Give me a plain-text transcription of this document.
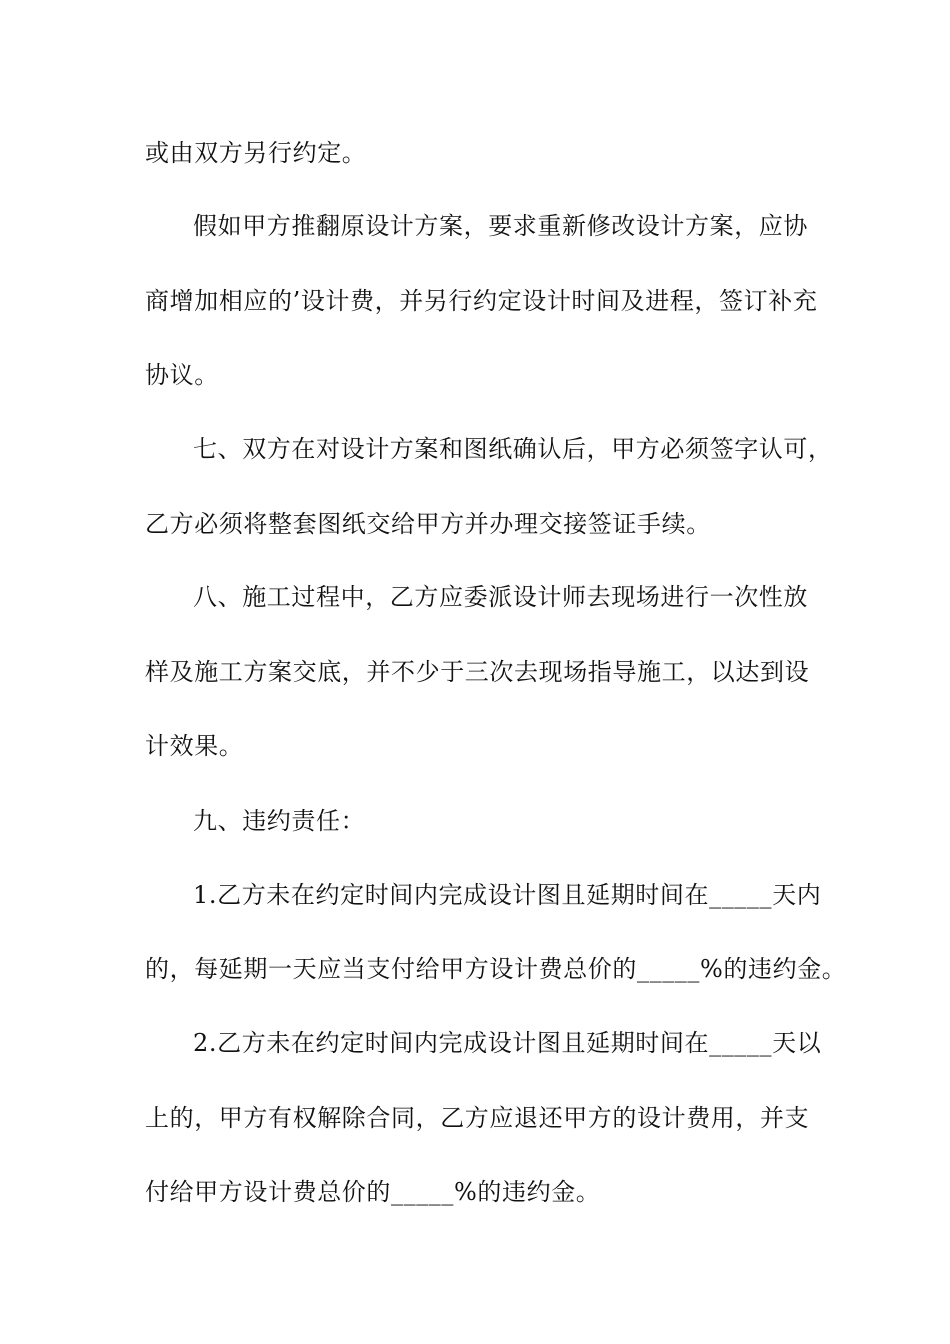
或由双方另行约定。
假如甲方推翻原设计方案，要求重新修改设计方案，应协
商增加相应的’设计费，并另行约定设计时间及进程，签订补充
协议。
七、双方在对设计方案和图纸确认后，甲方必须签字认可，
乙方必须将整套图纸交给甲方并办理交接签证手续。
八、施工过程中，乙方应委派设计师去现场进行一次性放
样及施工方案交底，并不少于三次去现场指导施工，以达到设
计效果。
九、违约责任：
1.乙方未在约定时间内完成设计图且延期时间在_____天内
的，每延期一天应当支付给甲方设计费总价的_____%的违约金。
2.乙方未在约定时间内完成设计图且延期时间在_____天以
上的，甲方有权解除合同，乙方应退还甲方的设计费用，并支
付给甲方设计费总价的_____%的违约金。
